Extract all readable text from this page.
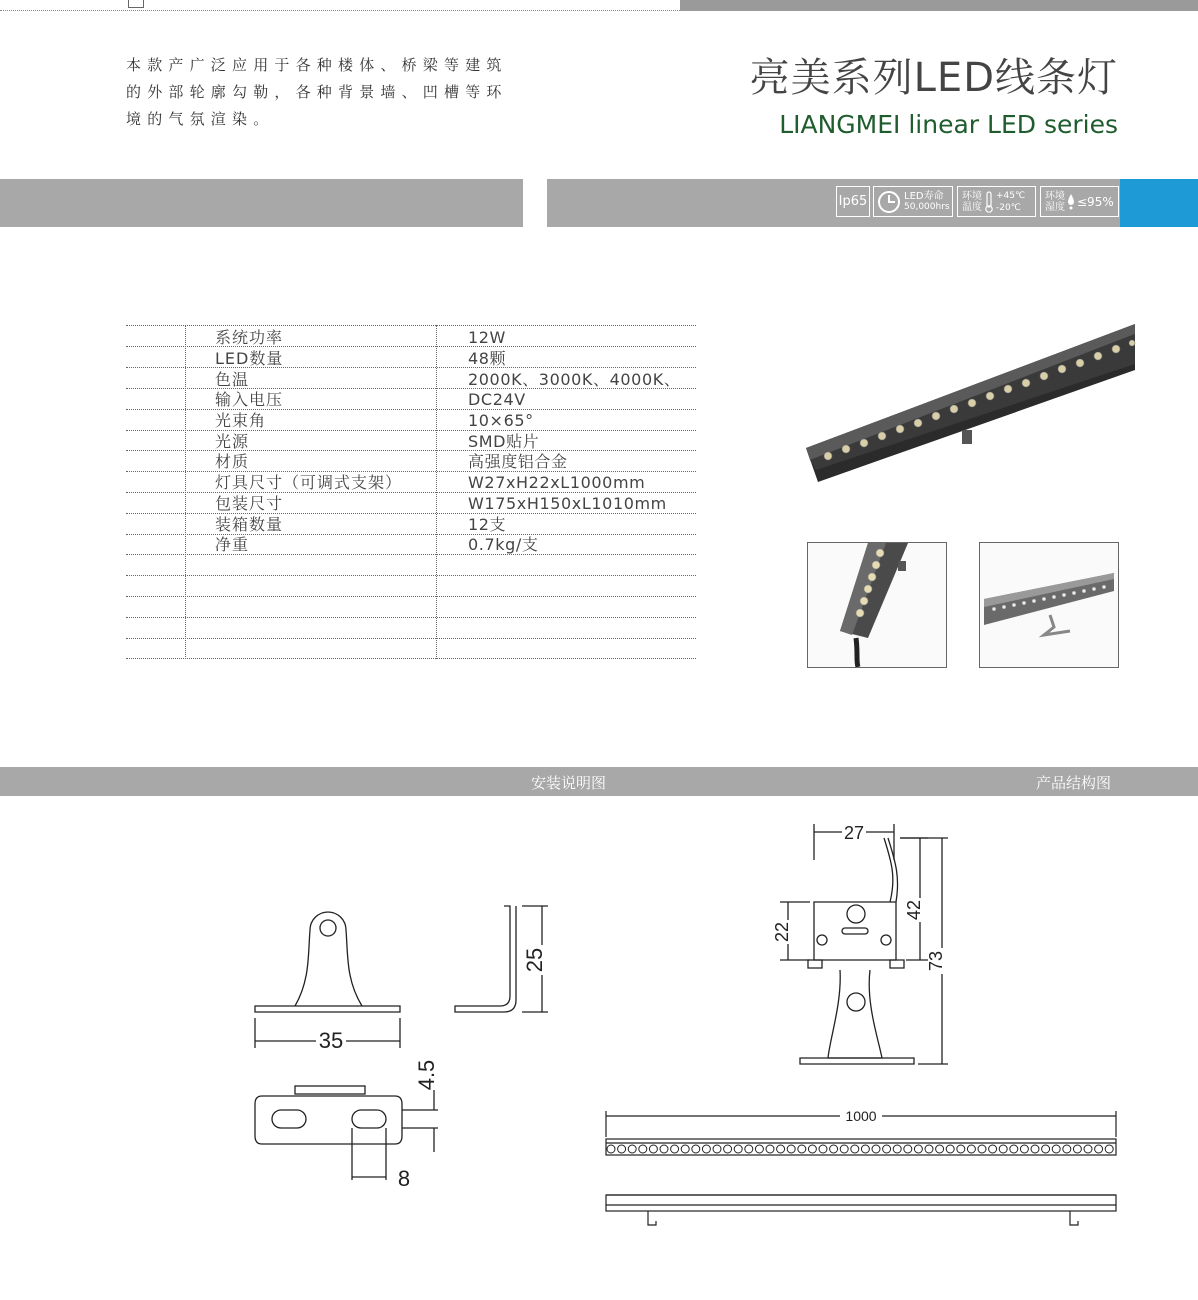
本款产广泛应用于各种楼体、桥梁等建筑
的外部轮廓勾勒，各种背景墙、凹槽等环
境的气氛渲染。
亮美系列LED线条灯
LIANGMEI linear LED series
Ip65	LED寿命
50,000hrs
环境
温度
+45℃
-20℃
环境
湿度 ≤95%
系统功率	12W
LED数量	48颗
色温	2000K、3000K、4000K、
输入电压	DC24V
光束角	10×65°
光源	SMD贴片
材质	高强度铝合金
灯具尺寸（可调式支架）	W27xH22xL1000mm
包装尺寸	W175xH150xL1010mm
装箱数量	12支
净重	0.7kg/支
安装说明图	产品结构图
35
25
4.5
8
27
22
42
73
1000
